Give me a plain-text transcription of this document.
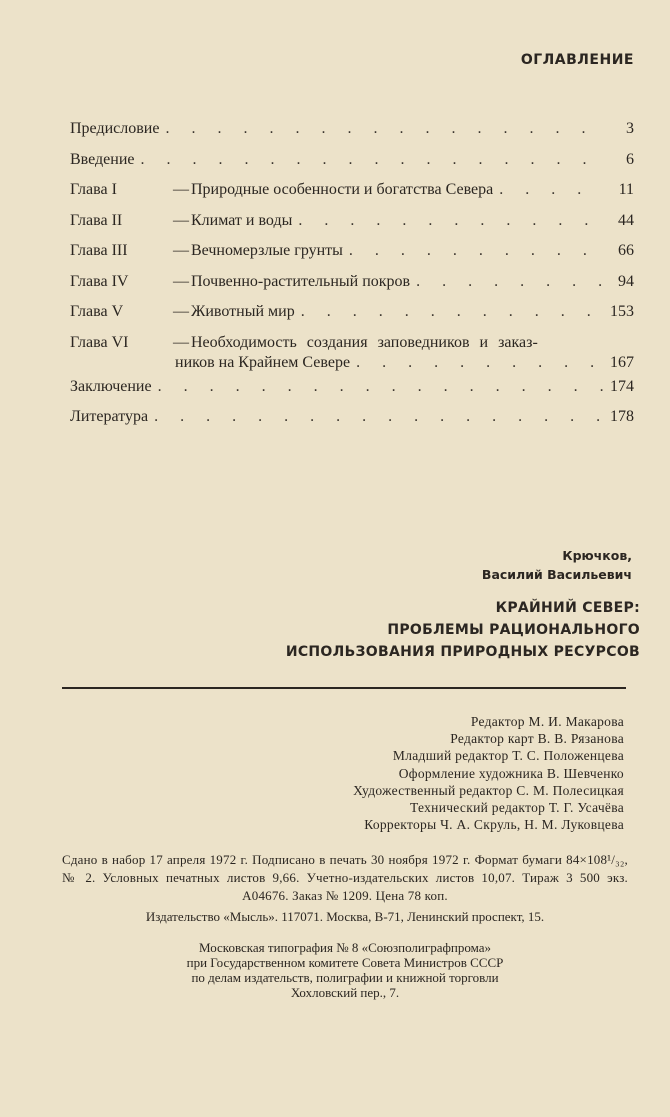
ОГЛАВЛЕНИЕ
Предисловие . . .	3
Введение . . .	6
Глава I	— Природные особенности и богатства Севера . . .	11
Глава II	— Климат и воды . . .	44
Глава III	— Вечномерзлые грунты . . .	66
Глава IV	— Почвенно-растительный покров . . .	94
Глава V	— Животный мир . . .	153
Глава VI	— Необходимость создания заповедников и заказ-
ников на Крайнем Севере . . .	167
Заключение . . .	174
Литература . . .	178
Крючков,
Василий Васильевич
КРАЙНИЙ СЕВЕР:
ПРОБЛЕМЫ РАЦИОНАЛЬНОГО
ИСПОЛЬЗОВАНИЯ ПРИРОДНЫХ РЕСУРСОВ
Редактор М. И. Макарова
Редактор карт В. В. Рязанова
Младший редактор Т. С. Положенцева
Оформление художника В. Шевченко
Художественный редактор С. М. Полесицкая
Технический редактор Т. Г. Усачёва
Корректоры Ч. А. Скруль, Н. М. Луковцева
Сдано в набор 17 апреля 1972 г. Подписано в печать 30 ноября 1972 г. Формат бумаги 84×108¹/₃₂, № 2. Условных печатных листов 9,66. Учетно-издательских листов 10,07. Тираж 3 500 экз. А04676. Заказ № 1209. Цена 78 коп.
Издательство «Мысль». 117071. Москва, В-71, Ленинский проспект, 15.
Московская типография № 8 «Союзполиграфпрома»
при Государственном комитете Совета Министров СССР
по делам издательств, полиграфии и книжной торговли
Хохловский пер., 7.
